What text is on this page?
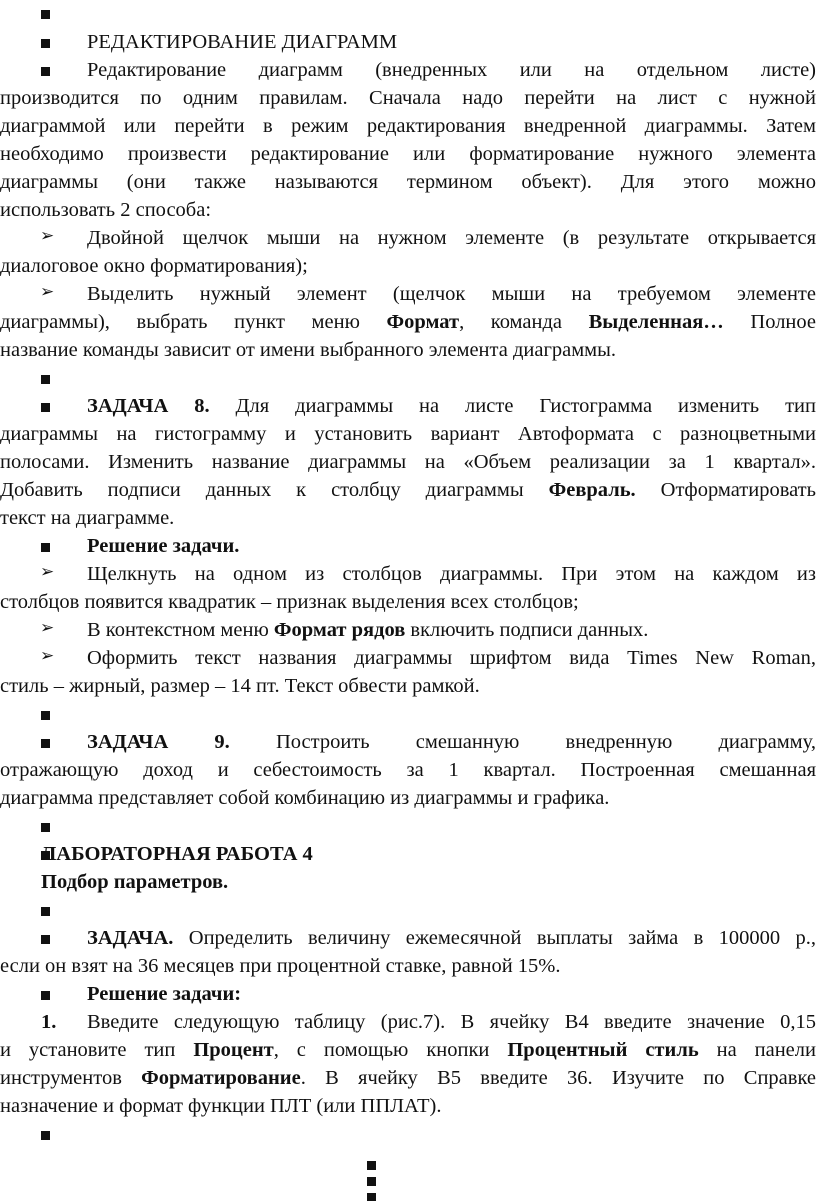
РЕДАКТИРОВАНИЕ ДИАГРАММ
Редактирование диаграмм (внедренных или на отдельном листе)
производится по одним правилам. Сначала надо перейти на лист с нужной
диаграммой или перейти в режим редактирования внедренной диаграммы. Затем
необходимо произвести редактирование или форматирование нужного элемента
диаграммы (они также называются термином объект). Для этого можно
использовать 2 способа:
➢ Двойной щелчок мыши на нужном элементе (в результате открывается
диалоговое окно форматирования);
➢ Выделить нужный элемент (щелчок мыши на требуемом элементе
диаграммы), выбрать пункт меню Формат, команда Выделенная… Полное
название команды зависит от имени выбранного элемента диаграммы.
ЗАДАЧА 8. Для диаграммы на листе Гистограмма изменить тип
диаграммы на гистограмму и установить вариант Автоформата с разноцветными
полосами. Изменить название диаграммы на «Объем реализации за 1 квартал».
Добавить подписи данных к столбцу диаграммы Февраль. Отформатировать
текст на диаграмме.
Решение задачи.
➢ Щелкнуть на одном из столбцов диаграммы. При этом на каждом из
столбцов появится квадратик – признак выделения всех столбцов;
➢ В контекстном меню Формат рядов включить подписи данных.
➢ Оформить текст названия диаграммы шрифтом вида Times New Roman,
стиль – жирный, размер – 14 пт. Текст обвести рамкой.
ЗАДАЧА 9. Построить смешанную внедренную диаграмму,
отражающую доход и себестоимость за 1 квартал. Построенная смешанная
диаграмма представляет собой комбинацию из диаграммы и графика.
ЛАБОРАТОРНАЯ РАБОТА 4
Подбор параметров.
ЗАДАЧА. Определить величину ежемесячной выплаты займа в 100000 р.,
если он взят на 36 месяцев при процентной ставке, равной 15%.
Решение задачи:
1. Введите следующую таблицу (рис.7). В ячейку В4 введите значение 0,15
и установите тип Процент, с помощью кнопки Процентный стиль на панели
инструментов Форматирование. В ячейку В5 введите 36. Изучите по Справке
назначение и формат функции ПЛТ (или ППЛАТ).
